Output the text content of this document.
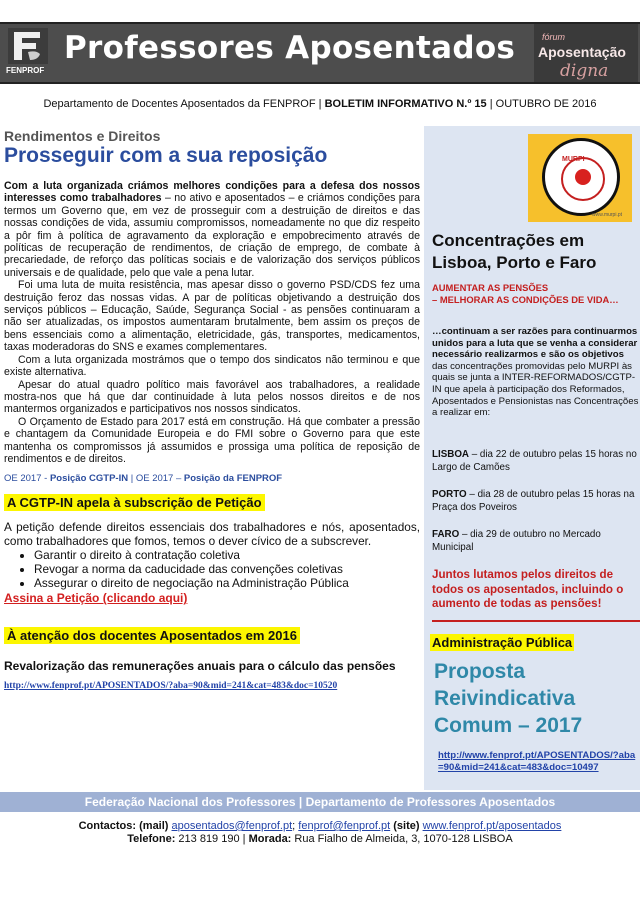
FENPROF
Professores Aposentados	fórum
Aposentação
digna
Departamento de Docentes Aposentados da FENPROF | BOLETIM INFORMATIVO N.º 15 | OUTUBRO DE 2016
Rendimentos e Direitos
Prosseguir com a sua reposição

Com a luta organizada criámos melhores condições para a defesa dos nossos interesses como trabalhadores – no ativo e aposentados – e criámos condições para termos um Governo que, em vez de prosseguir com a destruição de direitos e das nossas condições de vida, assumiu compromissos, nomeadamente no que diz respeito a pôr fim à política de agravamento da exploração e empobrecimento através de políticas de recuperação de rendimentos, de criação de emprego, de combate à precariedade, de reforço das políticas sociais e de valorização dos serviços públicos universais e de qualidade, pelo que vale a pena lutar.

Foi uma luta de muita resistência, mas apesar disso o governo PSD/CDS fez uma destruição feroz das nossas vidas. A par de políticas objetivando a destruição dos serviços públicos – Educação, Saúde, Segurança Social - as pensões continuaram a não ser atualizadas, os impostos aumentaram brutalmente, bem assim os preços de bens essenciais como a alimentação, eletricidade, gás, transportes, medicamentos, taxas moderadoras do SNS e exames complementares.

Com a luta organizada mostrámos que o tempo dos sindicatos não terminou e que existe alternativa.

Apesar do atual quadro político mais favorável aos trabalhadores, a realidade mostra-nos que há que dar continuidade à luta pelos nossos direitos e de nos mantermos organizados e participativos nos nossos sindicatos.

O Orçamento de Estado para 2017 está em construção. Há que combater a pressão e chantagem da Comunidade Europeia e do FMI sobre o Governo para que este mantenha os compromissos já assumidos e prossiga uma política de reposição de rendimentos e de direitos.

OE 2017 - Posição CGTP-IN | OE 2017 – Posição da FENPROF
A CGTP-IN apela à subscrição de Petição

A petição defende direitos essenciais dos trabalhadores e nós, aposentados, como trabalhadores que fomos, temos o dever cívico de a subscrever.

• Garantir o direito à contratação coletiva
• Revogar a norma da caducidade das convenções coletivas
• Assegurar o direito de negociação na Administração Pública
Assina a Petição (clicando aqui)
À atenção dos docentes Aposentados em 2016
Revalorização das remunerações anuais para o cálculo das pensões
http://www.fenprof.pt/APOSENTADOS/?aba=90&mid=241&cat=483&doc=10520
MURPI
www.murpi.pt
Concentrações em Lisboa, Porto e Faro
AUMENTAR AS PENSÕES
– MELHORAR AS CONDIÇÕES DE VIDA…
…continuam a ser razões para continuarmos unidos para a luta que se venha a considerar necessário realizarmos e são os objetivos das concentrações promovidas pelo MURPI às quais se junta a INTER-REFORMADOS/CGTP-IN que apela à participação dos Reformados, Aposentados e Pensionistas nas Concentrações a realizar em:
LISBOA – dia 22 de outubro pelas 15 horas no Largo de Camões
PORTO – dia 28 de outubro pelas 15 horas na Praça dos Poveiros
FARO – dia 29 de outubro no Mercado Municipal
Juntos lutamos pelos direitos de todos os aposentados, incluindo o aumento de todas as pensões!
Administração Pública
Proposta Reivindicativa Comum – 2017
http://www.fenprof.pt/APOSENTADOS/?aba=90&mid=241&cat=483&doc=10497
Federação Nacional dos Professores | Departamento de Professores Aposentados
Contactos: (mail) aposentados@fenprof.pt; fenprof@fenprof.pt (site) www.fenprof.pt/aposentados
Telefone: 213 819 190 | Morada: Rua Fialho de Almeida, 3, 1070-128 LISBOA
